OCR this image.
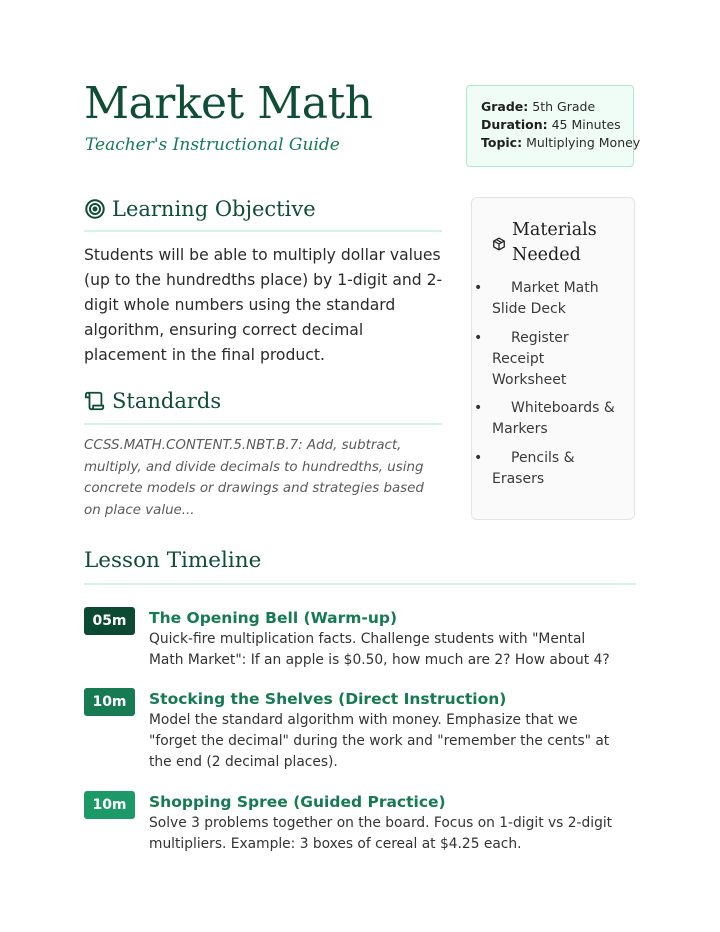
Market Math
Teacher's Instructional Guide
Grade: 5th Grade
Duration: 45 Minutes
Topic: Multiplying Money
Learning Objective

Students will be able to multiply dollar values (up to the hundredths place) by 1-digit and 2-digit whole numbers using the standard algorithm, ensuring correct decimal placement in the final product.

Standards

CCSS.MATH.CONTENT.5.NBT.B.7: Add, subtract, multiply, and divide decimals to hundredths, using concrete models or drawings and strategies based on place value...

Materials Needed
• Market Math Slide Deck
• Register Receipt Worksheet
• Whiteboards & Markers
• Pencils & Erasers
Lesson Timeline
05m	The Opening Bell (Warm-up)
Quick-fire multiplication facts. Challenge students with "Mental Math Market": If an apple is $0.50, how much are 2? How about 4?
10m	Stocking the Shelves (Direct Instruction)
Model the standard algorithm with money. Emphasize that we "forget the decimal" during the work and "remember the cents" at the end (2 decimal places).
10m	Shopping Spree (Guided Practice)
Solve 3 problems together on the board. Focus on 1-digit vs 2-digit multipliers. Example: 3 boxes of cereal at $4.25 each.
